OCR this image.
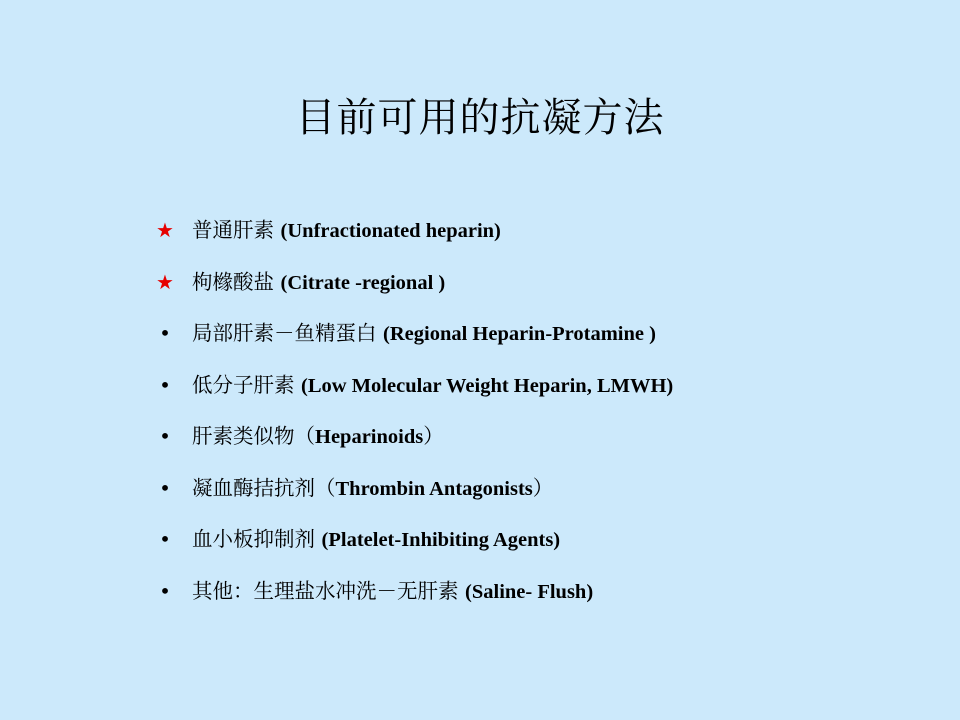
目前可用的抗凝方法
★ 普通肝素 (Unfractionated heparin)
★ 枸橼酸盐 (Citrate -regional )
•	局部肝素－鱼精蛋白 (Regional Heparin-Protamine )
•	低分子肝素 (Low Molecular Weight Heparin, LMWH)
•	肝素类似物（Heparinoids）
•	凝血酶拮抗剂（Thrombin Antagonists）
•	血小板抑制剂 (Platelet-Inhibiting Agents)
•	其他：生理盐水冲洗－无肝素 (Saline- Flush)
